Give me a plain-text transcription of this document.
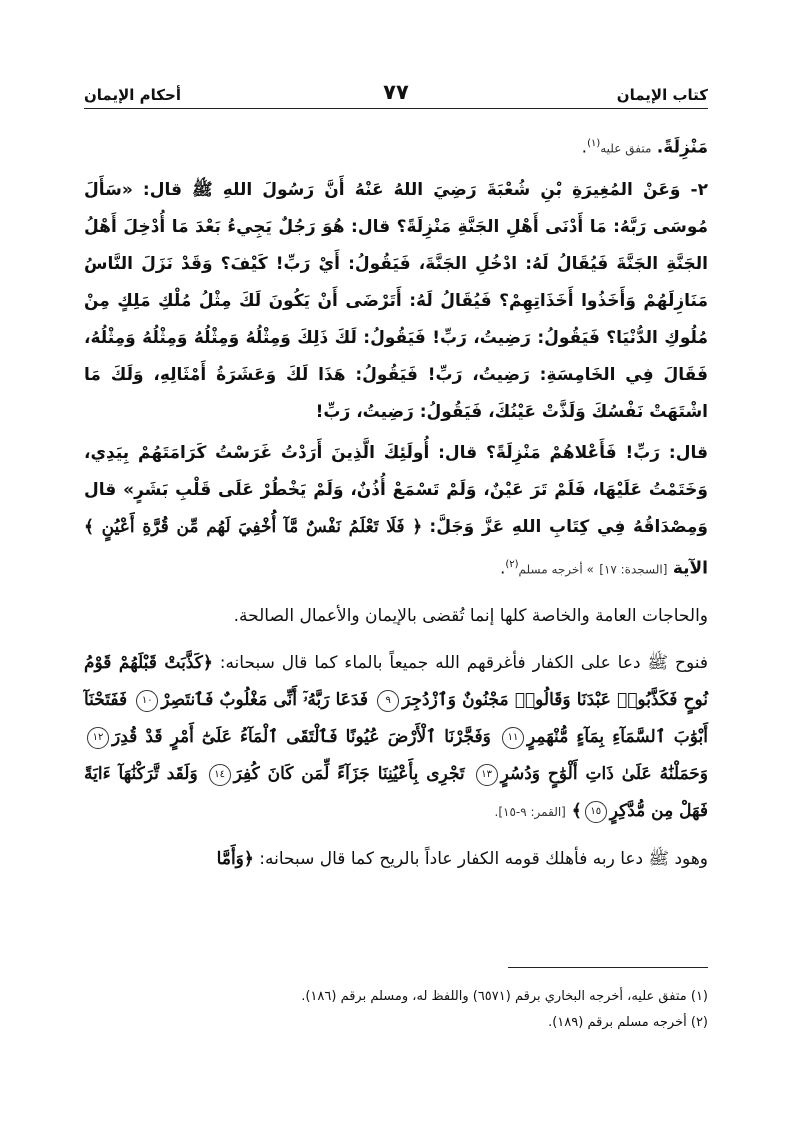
كتاب الإيمان
٧٧
أحكام الإيمان

مَنْزِلَةً. متفق عليه$^{(١)}$.

٢- وَعَنْ المُغِيرَةِ بْنِ شُعْبَةَ رَضِيَ اللهُ عَنْهُ أَنَّ رَسُولَ اللهِ ﷺ قال: «سَأَلَ مُوسَى رَبَّهُ: مَا أَدْنَى أَهْلِ الجَنَّةِ مَنْزِلَةً؟ قال: هُوَ رَجُلٌ يَجِيءُ بَعْدَ مَا أُدْخِلَ أَهْلُ الجَنَّةِ الجَنَّةَ فَيُقَالُ لَهُ: ادْخُلِ الجَنَّةَ، فَيَقُولُ: أَيْ رَبِّ! كَيْفَ؟ وَقَدْ نَزَلَ النَّاسُ مَنَازِلَهُمْ وَأَخَذُوا أَخَذَاتِهِمْ؟ فَيُقَالُ لَهُ: أَتَرْضَى أَنْ يَكُونَ لَكَ مِثْلُ مُلْكِ مَلِكٍ مِنْ مُلُوكِ الدُّنْيَا؟ فَيَقُولُ: رَضِيتُ، رَبِّ! فَيَقُولُ: لَكَ ذَلِكَ وَمِثْلُهُ وَمِثْلُهُ وَمِثْلُهُ وَمِثْلُهُ، فَقَالَ فِي الخَامِسَةِ: رَضِيتُ، رَبِّ! فَيَقُولُ: هَذَا لَكَ وَعَشَرَةُ أَمْثَالِهِ، وَلَكَ مَا اشْتَهَتْ نَفْسُكَ وَلَذَّتْ عَيْنُكَ، فَيَقُولُ: رَضِيتُ، رَبِّ!

قال: رَبِّ! فَأَعْلاهُمْ مَنْزِلَةً؟ قال: أُولَئِكَ الَّذِينَ أَرَدْتُ غَرَسْتُ كَرَامَتَهُمْ بِيَدِي، وَخَتَمْتُ عَلَيْهَا، فَلَمْ تَرَ عَيْنٌ، وَلَمْ تَسْمَعْ أُذُنٌ، وَلَمْ يَخْطُرْ عَلَى قَلْبِ بَشَرٍ» قال وَمِصْدَاقُهُ فِي كِتَابِ اللهِ عَزَّ وَجَلَّ: ﴿ فَلَا تَعْلَمُ نَفْسٌ مَّآ أُخْفِيَ لَهُم مِّن قُرَّةِ أَعْيُنٍ ﴾ الآية [السجدة: ١٧] » أخرجه مسلم$^{(٢)}$.

والحاجات العامة والخاصة كلها إنما تُقضى بالإيمان والأعمال الصالحة.

فنوح ﷺ دعا على الكفار فأغرقهم الله جميعاً بالماء كما قال سبحانه: ﴿كَذَّبَتْ قَبْلَهُمْ قَوْمُ نُوحٍ فَكَذَّبُوا۟ عَبْدَنَا وَقَالُوا۟ مَجْنُونٌ وَٱزْدُجِرَ٩ فَدَعَا رَبَّهُۥٓ أَنِّى مَغْلُوبٌ فَٱنتَصِرْ١٠ فَفَتَحْنَآ أَبْوَٰبَ ٱلسَّمَآءِ بِمَآءٍ مُّنْهَمِرٍ١١ وَفَجَّرْنَا ٱلْأَرْضَ عُيُونًا فَٱلْتَقَى ٱلْمَآءُ عَلَىٰٓ أَمْرٍ قَدْ قُدِرَ١٢ وَحَمَلْنَٰهُ عَلَىٰ ذَاتِ أَلْوَٰحٍ وَدُسُرٍ١٣ تَجْرِى بِأَعْيُنِنَا جَزَآءً لِّمَن كَانَ كُفِرَ١٤ وَلَقَد تَّرَكْنَٰهَآ ءَايَةً فَهَلْ مِن مُّدَّكِرٍ١٥﴾ [القمر: ٩-١٥].

وهود ﷺ دعا ربه فأهلك قومه الكفار عاداً بالريح كما قال سبحانه: ﴿وَأَمَّا

(١) متفق عليه، أخرجه البخاري برقم (٦٥٧١) واللفظ له، ومسلم برقم (١٨٦).
(٢) أخرجه مسلم برقم (١٨٩).
